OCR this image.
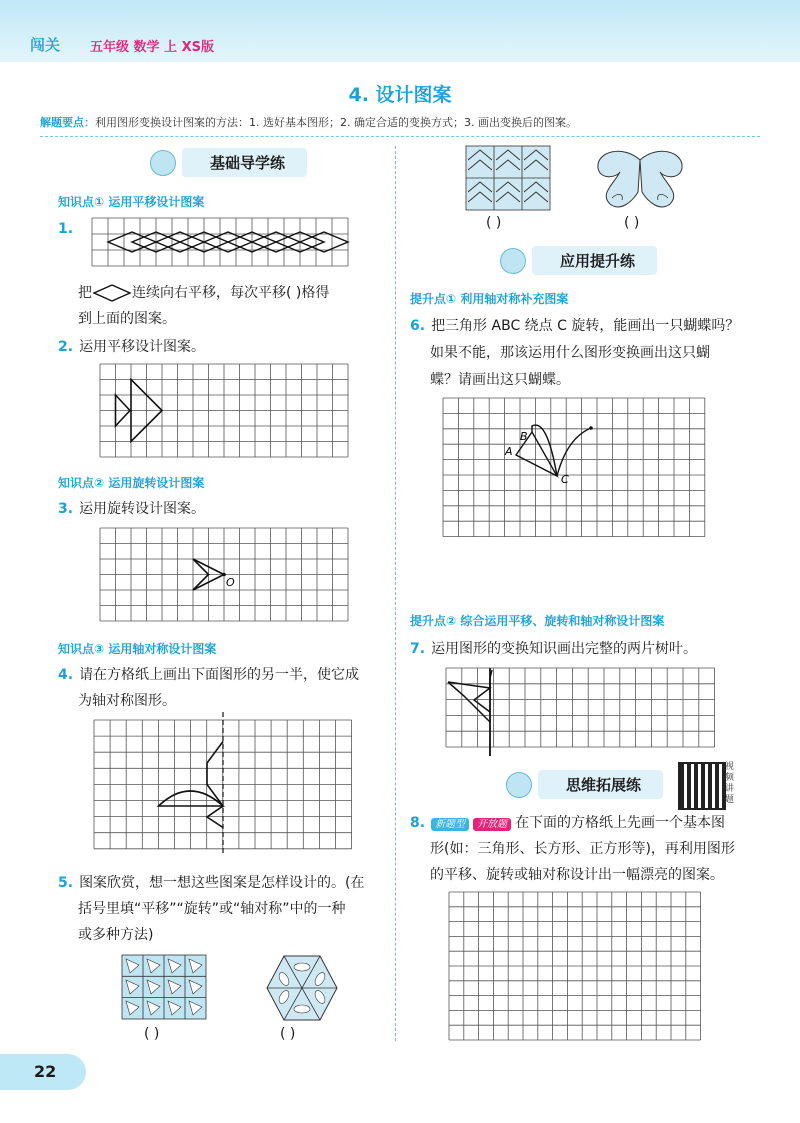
闯关 五年级 数学 上 XS版
4. 设计图案
解题要点：利用图形变换设计图案的方法：1. 选好基本图形；2. 确定合适的变换方式；3. 画出变换后的图案。
基础导学练
知识点① 运用平移设计图案
1.
把	连续向右平移，每次平移( )格得
到上面的图案。
2. 运用平移设计图案。
知识点② 运用旋转设计图案
3. 运用旋转设计图案。
O
知识点③ 运用轴对称设计图案
4. 请在方格纸上画出下面图形的另一半，使它成
为轴对称图形。
5. 图案欣赏，想一想这些图案是怎样设计的。(在
括号里填“平移”“旋转”或“轴对称”中的一种
或多种方法)
( )	( )
( )	( )
应用提升练
提升点① 利用轴对称补充图案
6. 把三角形 ABC 绕点 C 旋转，能画出一只蝴蝶吗？
如果不能，那该运用什么图形变换画出这只蝴
蝶？请画出这只蝴蝶。
A
B
C
提升点② 综合运用平移、旋转和轴对称设计图案
7. 运用图形的变换知识画出完整的两片树叶。
思维拓展练
视频讲题
8. 新题型 开放题 在下面的方格纸上先画一个基本图
形(如：三角形、长方形、正方形等)，再利用图形
的平移、旋转或轴对称设计出一幅漂亮的图案。
22
